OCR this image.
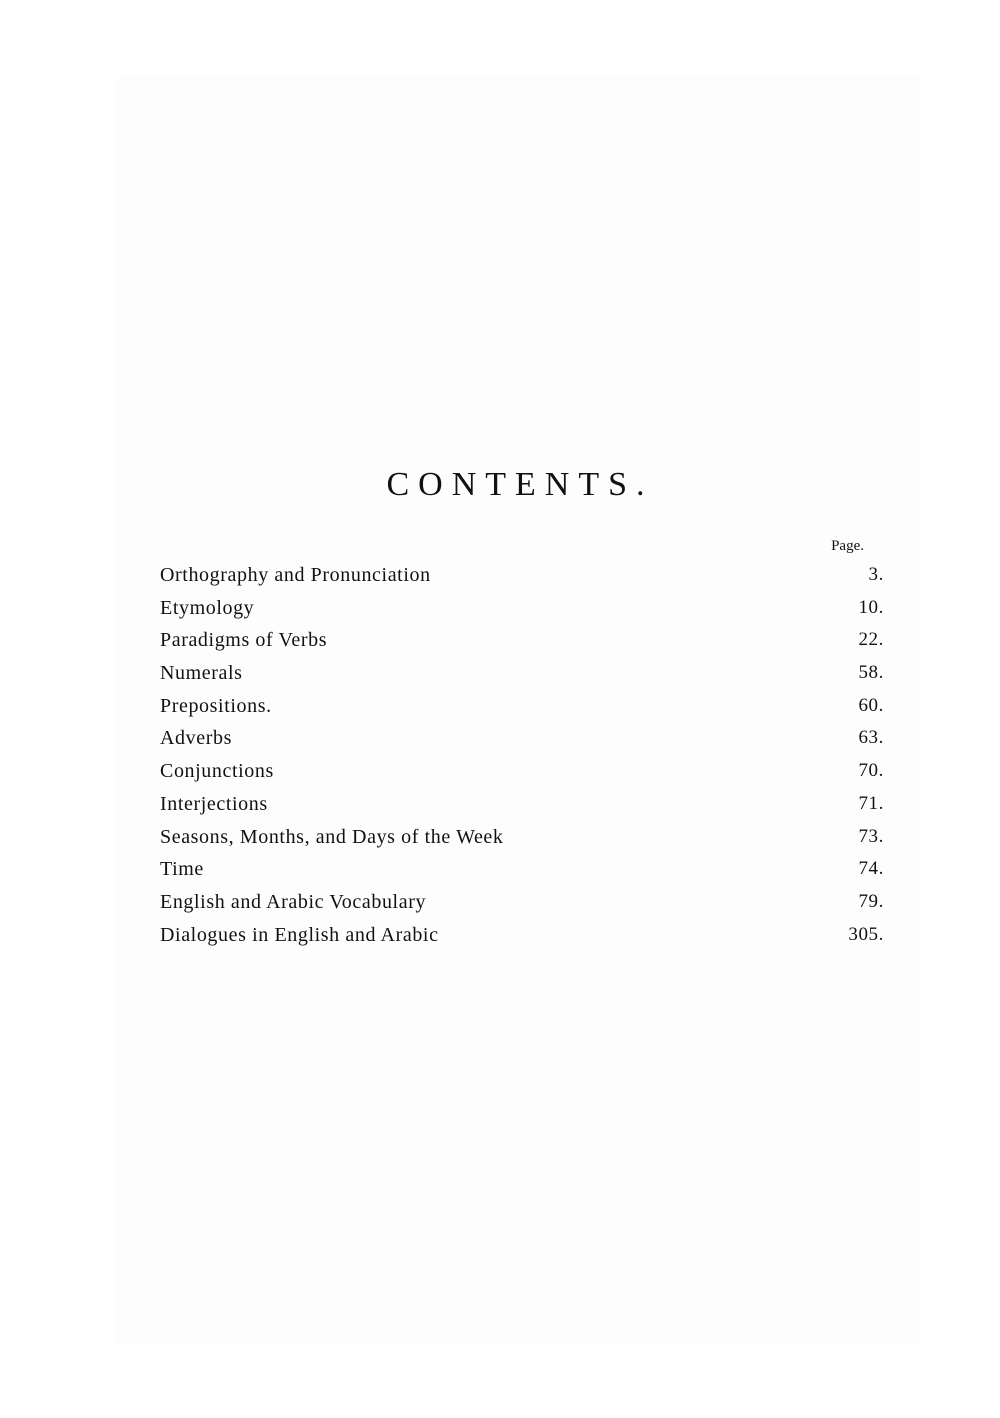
CONTENTS.
Page.
Orthography and Pronunciation	3.
Etymology	10.
Paradigms of Verbs	22.
Numerals	58.
Prepositions.	60.
Adverbs	63.
Conjunctions	70.
Interjections	71.
Seasons, Months, and Days of the Week	73.
Time	74.
English and Arabic Vocabulary	79.
Dialogues in English and Arabic	305.
